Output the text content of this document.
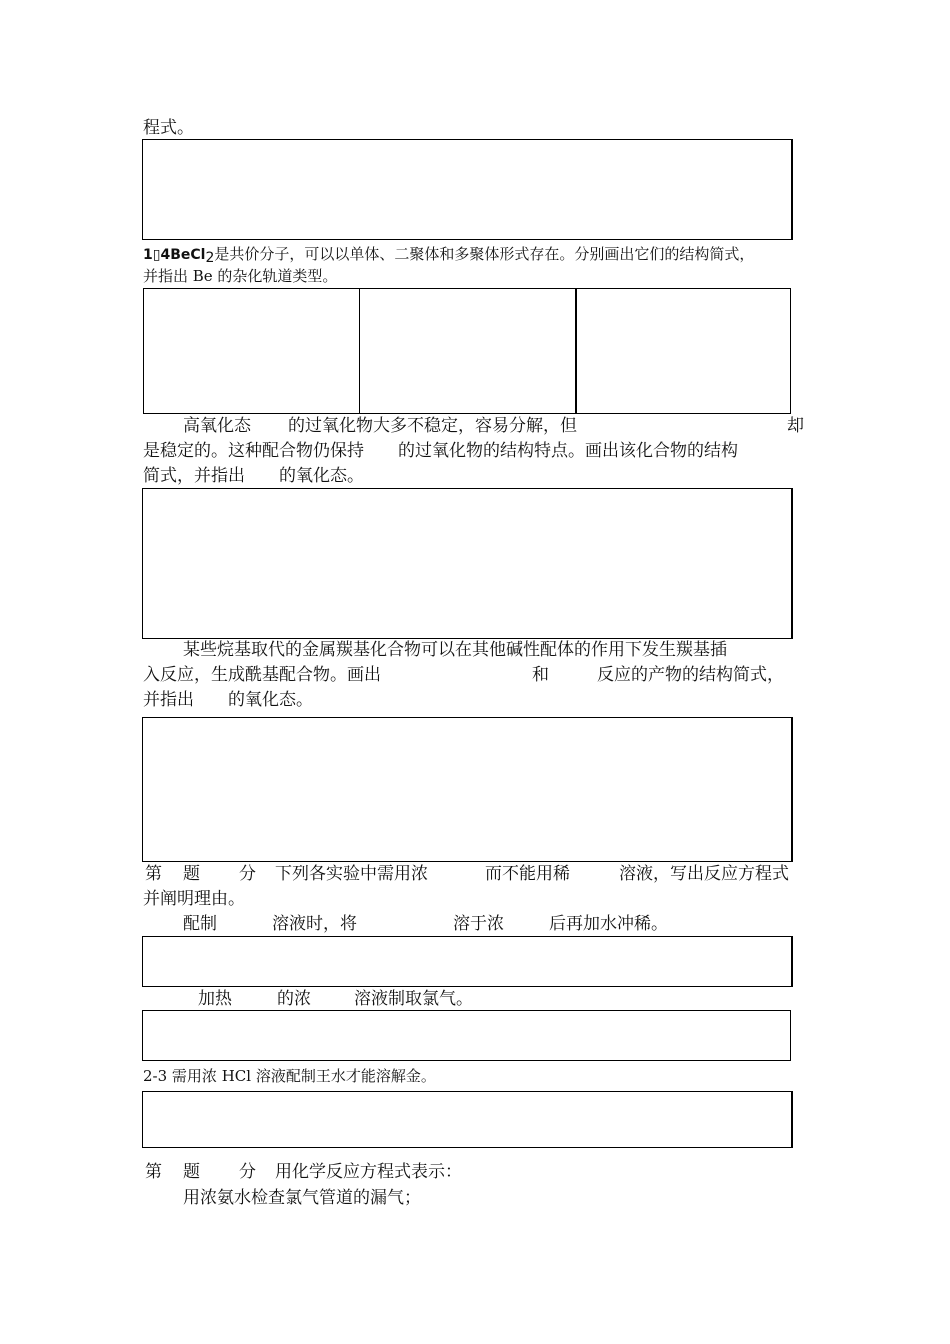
程式。
1▯4BeCl$_2$是共价分子，可以以单体、二聚体和多聚体形式存在。分别画出它们的结构简式，
并指出 Be 的杂化轨道类型。
高氧化态 的过氧化物大多不稳定，容易分解，但	却
是稳定的。这种配合物仍保持　　的过氧化物的结构特点。画出该化合物的结构
简式，并指出　　的氧化态。
某些烷基取代的金属羰基化合物可以在其他碱性配体的作用下发生羰基插
入反应，生成酰基配合物。画出	和	反应的产物的结构简式，
并指出　　的氧化态。
第 题 分 下列各实验中需用浓	而不能用稀	溶液，写出反应方程式
并阐明理由。
配制	溶液时，将	溶于浓	后再加水冲稀。
加热	的浓	溶液制取氯气。
2-3 需用浓 HCl 溶液配制王水才能溶解金。
第 题 分 用化学反应方程式表示：
用浓氨水检查氯气管道的漏气；
